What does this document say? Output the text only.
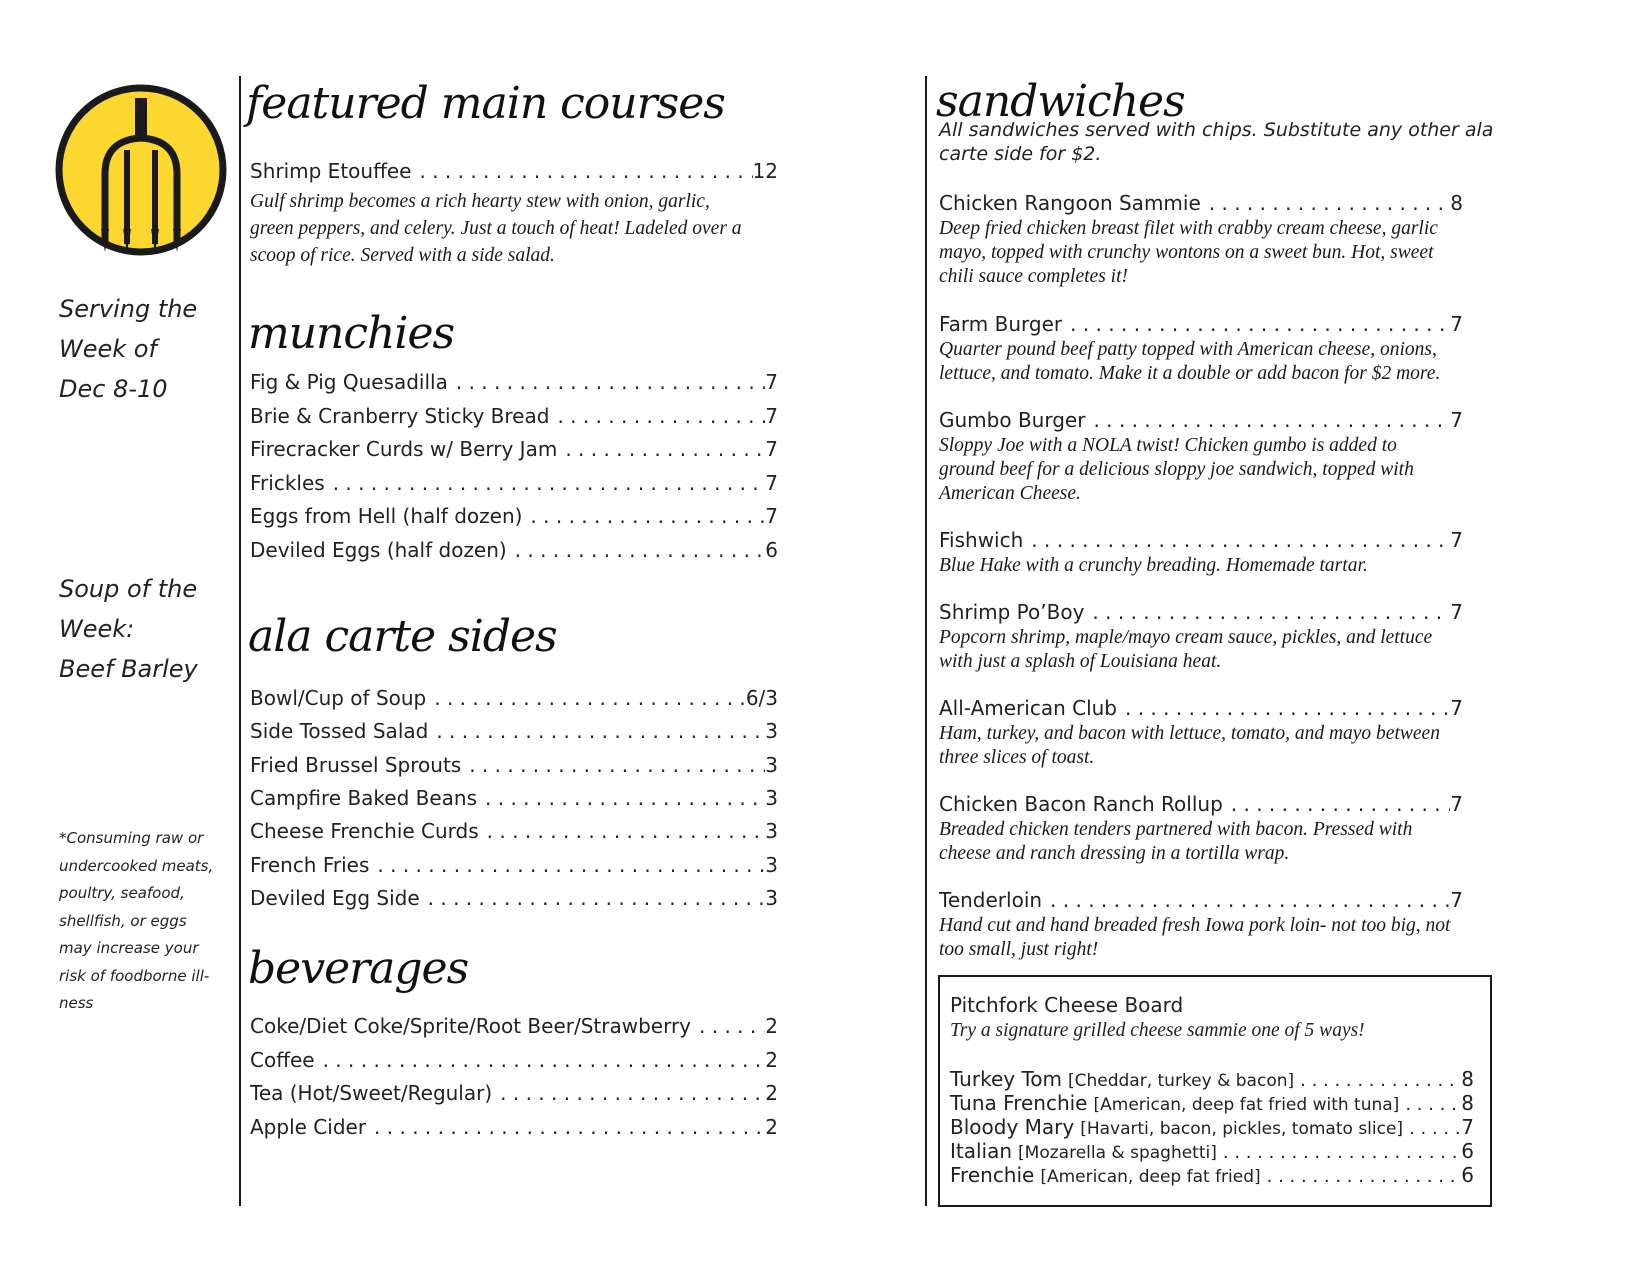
Serving the
Week of
Dec 8-10
Soup of the
Week:
Beef Barley
*Consuming raw or
undercooked meats,
poultry, seafood,
shellfish, or eggs
may increase your
risk of foodborne ill-
ness
featured main courses
Shrimp Etouffee . . .	12
Gulf shrimp becomes a rich hearty stew with onion, garlic,
green peppers, and celery. Just a touch of heat! Ladeled over a
scoop of rice. Served with a side salad.
munchies
Fig & Pig Quesadilla . . .	7
Brie & Cranberry Sticky Bread . . .	7
Firecracker Curds w/ Berry Jam . . .	7
Frickles . . .	7
Eggs from Hell (half dozen) . . .	7
Deviled Eggs (half dozen) . . .	6
ala carte sides
Bowl/Cup of Soup . . .	6/3
Side Tossed Salad . . .	3
Fried Brussel Sprouts . . .	3
Campfire Baked Beans . . .	3
Cheese Frenchie Curds . . .	3
French Fries . . .	3
Deviled Egg Side . . .	3
beverages
Coke/Diet Coke/Sprite/Root Beer/Strawberry . . .	2
Coffee . . .	2
Tea (Hot/Sweet/Regular) . . .	2
Apple Cider . . .	2
sandwiches
All sandwiches served with chips. Substitute any other ala
carte side for $2.
Chicken Rangoon Sammie . . .	8
Deep fried chicken breast filet with crabby cream cheese, garlic
mayo, topped with crunchy wontons on a sweet bun. Hot, sweet
chili sauce completes it!
Farm Burger . . .	7
Quarter pound beef patty topped with American cheese, onions,
lettuce, and tomato. Make it a double or add bacon for $2 more.
Gumbo Burger . . .	7
Sloppy Joe with a NOLA twist! Chicken gumbo is added to
ground beef for a delicious sloppy joe sandwich, topped with
American Cheese.
Fishwich . . .	7
Blue Hake with a crunchy breading. Homemade tartar.
Shrimp Po’Boy . . .	7
Popcorn shrimp, maple/mayo cream sauce, pickles, and lettuce
with just a splash of Louisiana heat.
All-American Club . . .	7
Ham, turkey, and bacon with lettuce, tomato, and mayo between
three slices of toast.
Chicken Bacon Ranch Rollup . . .	7
Breaded chicken tenders partnered with bacon. Pressed with
cheese and ranch dressing in a tortilla wrap.
Tenderloin . . .	7
Hand cut and hand breaded fresh Iowa pork loin- not too big, not
too small, just right!
Pitchfork Cheese Board
Try a signature grilled cheese sammie one of 5 ways!
Turkey Tom [Cheddar, turkey & bacon] . . .	8
Tuna Frenchie [American, deep fat fried with tuna] . . .	8
Bloody Mary [Havarti, bacon, pickles, tomato slice] . . .	7
Italian [Mozarella & spaghetti] . . .	6
Frenchie [American, deep fat fried] . . .	6
